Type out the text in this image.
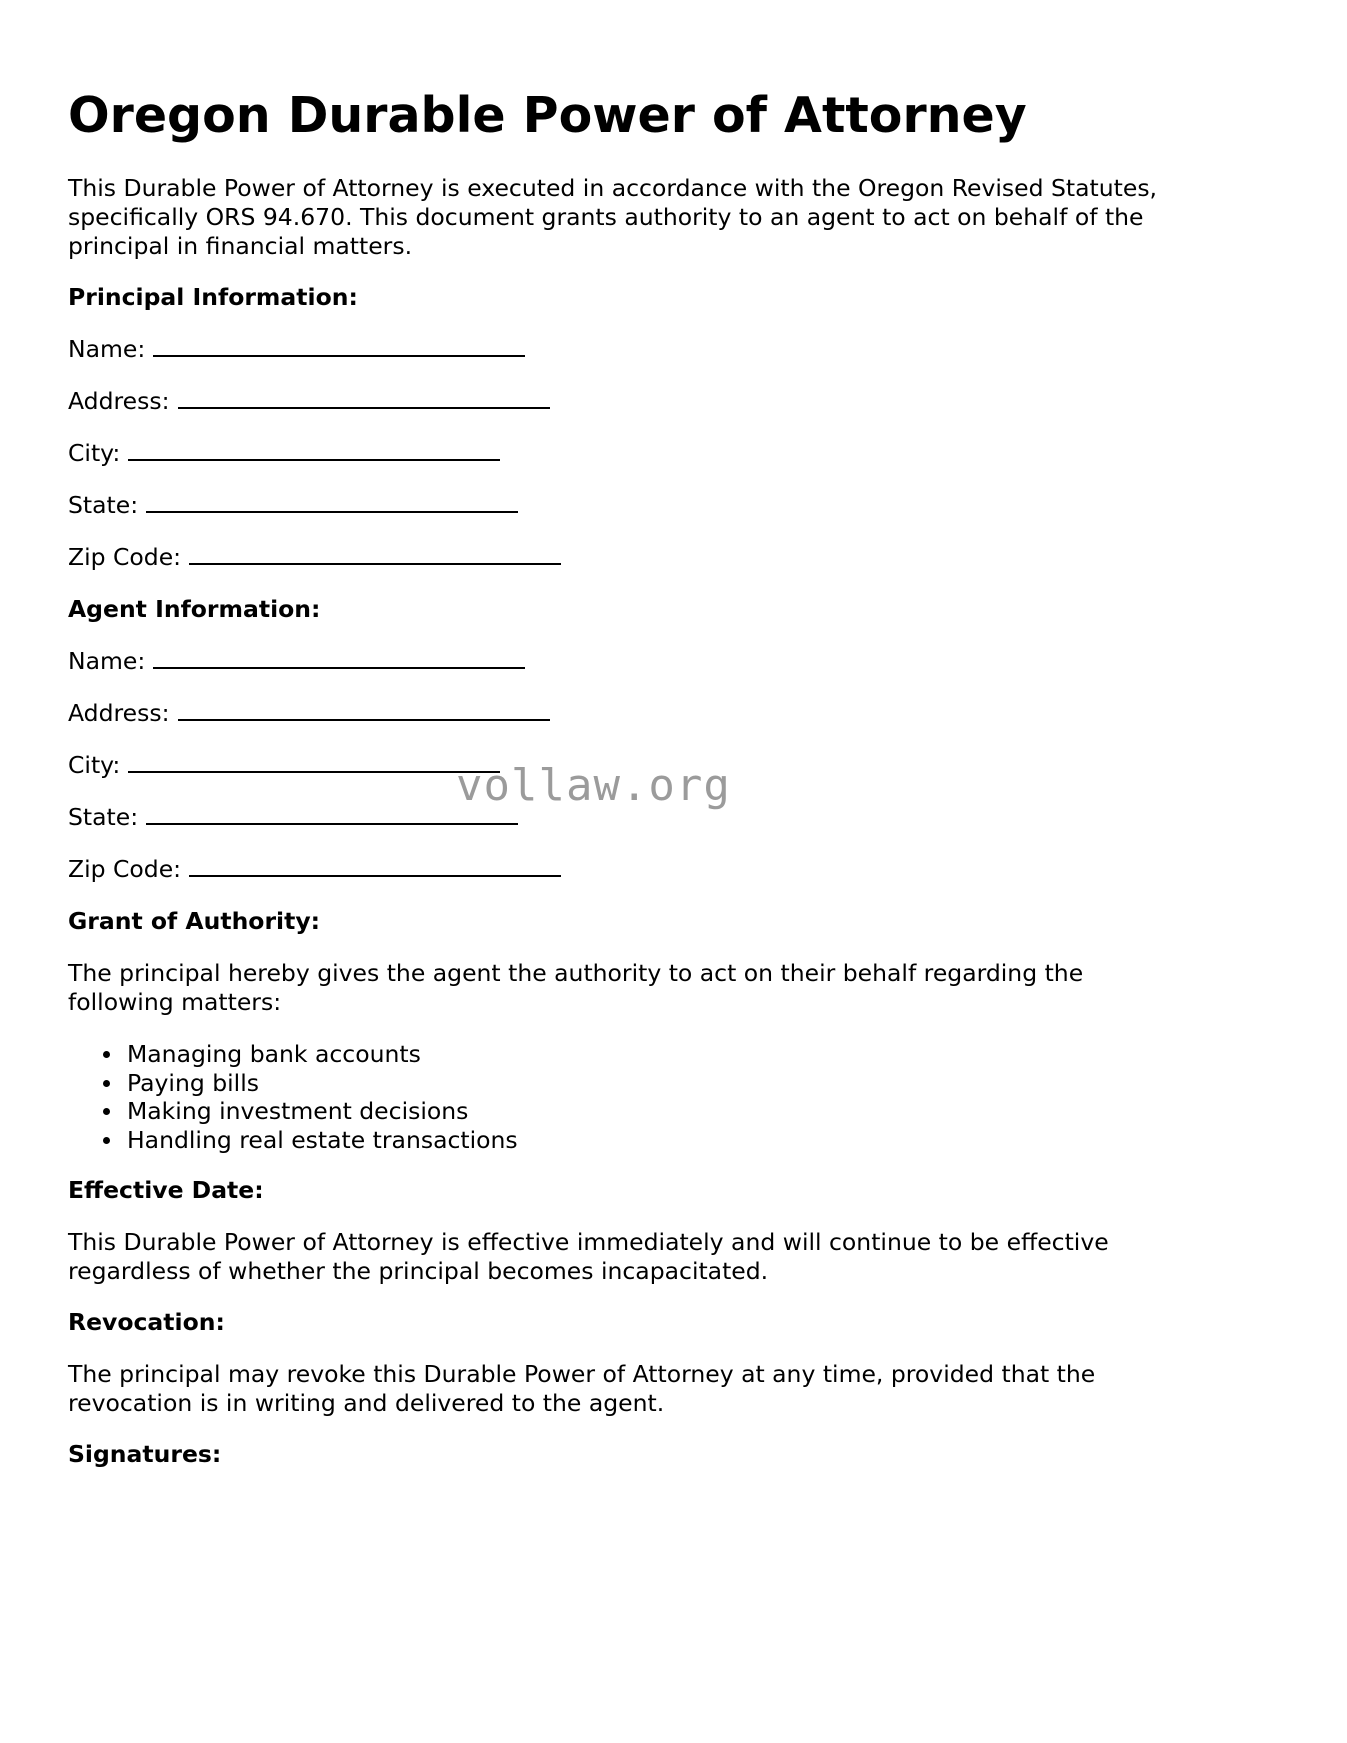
Oregon Durable Power of Attorney

This Durable Power of Attorney is executed in accordance with the Oregon Revised Statutes, specifically ORS 94.670. This document grants authority to an agent to act on behalf of the principal in financial matters.

Principal Information:
Name:
Address:
City:
State:
Zip Code:
Agent Information:
Name:
Address:
City:
State:
Zip Code:
Grant of Authority:

The principal hereby gives the agent the authority to act on their behalf regarding the following matters:

Managing bank accounts
Paying bills
Making investment decisions
Handling real estate transactions
Effective Date:

This Durable Power of Attorney is effective immediately and will continue to be effective regardless of whether the principal becomes incapacitated.

Revocation:

The principal may revoke this Durable Power of Attorney at any time, provided that the revocation is in writing and delivered to the agent.

Signatures:
vollaw.org
